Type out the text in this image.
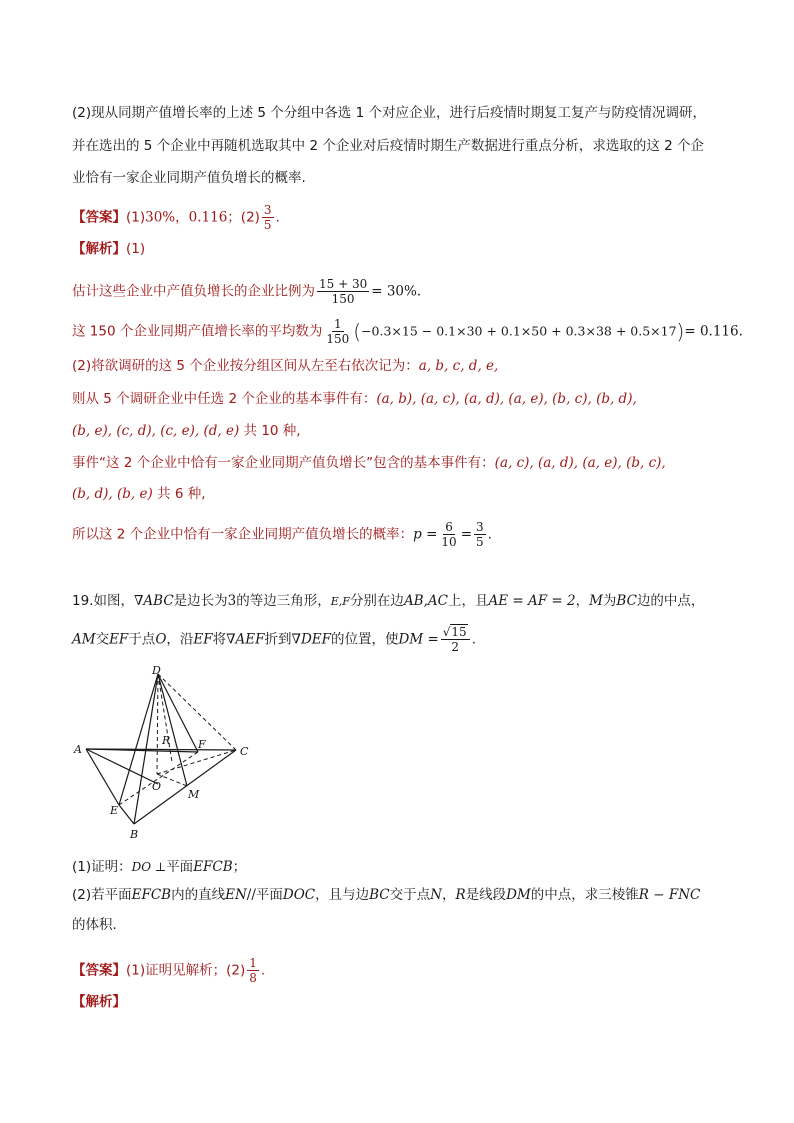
(2)现从同期产值增长率的上述 5 个分组中各选 1 个对应企业，进行后疫情时期复工复产与防疫情况调研，
并在选出的 5 个企业中再随机选取其中 2 个企业对后疫情时期生产数据进行重点分析，求选取的这 2 个企
业恰有一家企业同期产值负增长的概率.
【答案】(1)30%，0.116；$(2) \frac{3}{5}$ .
【解析】(1)
估计这些企业中产值负增长的企业比例为 $\frac{15 + 30}{150} = 30\%$.
这 150 个企业同期产值增长率的平均数为 $\frac{1}{150} (-0.3\times 15 - 0.1\times 30 + 0.1\times 50 + 0.3\times 38 + 0.5\times 17)= 0.116$.
(2)将欲调研的这 5 个企业按分组区间从左至右依次记为：a, b, c, d, e,
则从 5 个调研企业中任选 2 个企业的基本事件有：(a, b), (a, c), (a, d), (a, e), (b, c), (b, d),
(b, e), (c, d), (c, e), (d, e) 共 10 种,
事件“这 2 个企业中恰有一家企业同期产值负增长”包含的基本事件有：(a, c), (a, d), (a, e), (b, c),
(b, d), (b, e) 共 6 种,
所以这 2 个企业中恰有一家企业同期产值负增长的概率：$p = \frac{6}{10} = \frac{3}{5}$ .
19.如图，∇ABC是边长为3的等边三角形，E,F分别在边AB,AC上，且AE = AF = 2，M为BC边的中点，
AM交EF于点O，沿EF将∇AEF折到∇DEF的位置，使DM = $\frac{√15}{2}$ .
D
A	F
C
R
O
M
E
B
(1)证明：DO ⊥平面EFCB；
(2)若平面EFCB内的直线EN//平面DOC，且与边BC交于点N，R是线段DM的中点，求三棱锥R − FNC
的体积.
【答案】(1)证明见解析；$(2) \frac{1}{8}$ .
【解析】
